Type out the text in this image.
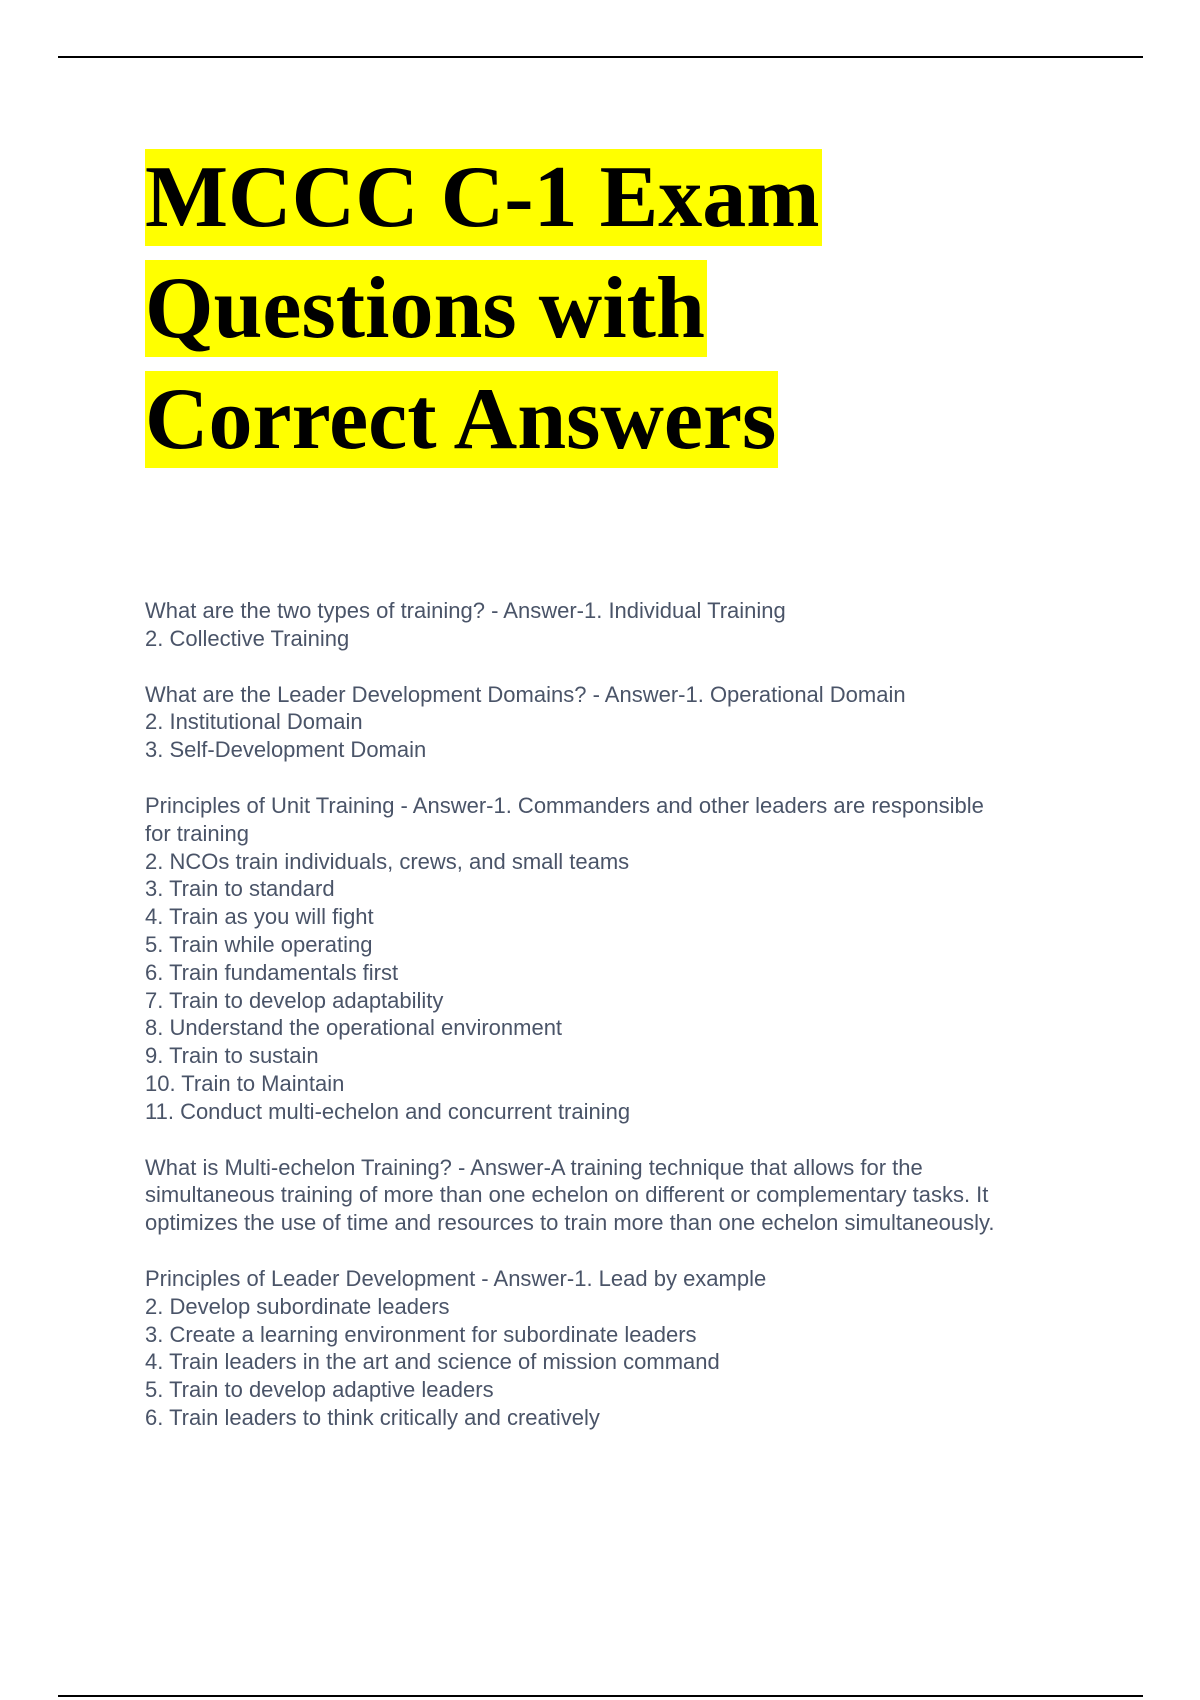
MCCC C-1 Exam
Questions with
Correct Answers
What are the two types of training? - Answer-1. Individual Training
2. Collective Training
What are the Leader Development Domains? - Answer-1. Operational Domain
2. Institutional Domain
3. Self-Development Domain
Principles of Unit Training - Answer-1. Commanders and other leaders are responsible
for training
2. NCOs train individuals, crews, and small teams
3. Train to standard
4. Train as you will fight
5. Train while operating
6. Train fundamentals first
7. Train to develop adaptability
8. Understand the operational environment
9. Train to sustain
10. Train to Maintain
11. Conduct multi-echelon and concurrent training
What is Multi-echelon Training? - Answer-A training technique that allows for the
simultaneous training of more than one echelon on different or complementary tasks. It
optimizes the use of time and resources to train more than one echelon simultaneously.
Principles of Leader Development - Answer-1. Lead by example
2. Develop subordinate leaders
3. Create a learning environment for subordinate leaders
4. Train leaders in the art and science of mission command
5. Train to develop adaptive leaders
6. Train leaders to think critically and creatively
